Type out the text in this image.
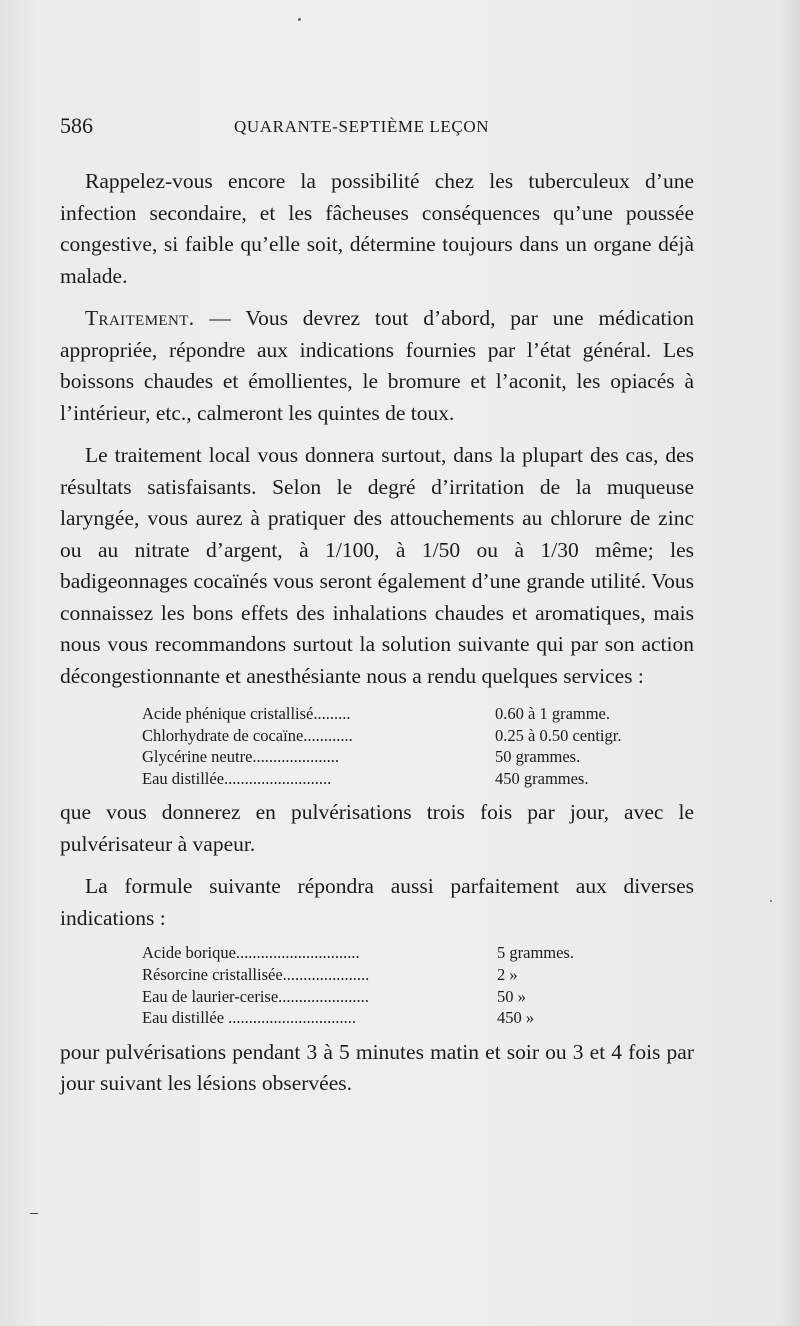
586	QUARANTE-SEPTIÈME LEÇON

Rappelez-vous encore la possibilité chez les tuberculeux d’une infection secondaire, et les fâcheuses conséquences qu’une poussée congestive, si faible qu’elle soit, détermine toujours dans un organe déjà malade.

Traitement. — Vous devrez tout d’abord, par une médication appropriée, répondre aux indications fournies par l’état général. Les boissons chaudes et émollientes, le bromure et l’aconit, les opiacés à l’intérieur, etc., calmeront les quintes de toux.

Le traitement local vous donnera surtout, dans la plupart des cas, des résultats satisfaisants. Selon le degré d’irritation de la muqueuse laryngée, vous aurez à pratiquer des attouchements au chlorure de zinc ou au nitrate d’argent, à 1/100, à 1/50 ou à 1/30 même; les badigeonnages cocaïnés vous seront également d’une grande utilité. Vous connaissez les bons effets des inhalations chaudes et aromatiques, mais nous vous recommandons surtout la solution suivante qui par son action décongestionnante et anesthésiante nous a rendu quelques services :

Acide phénique cristallisé.........	0.60 à 1 gramme.
Chlorhydrate de cocaïne............	0.25 à 0.50 centigr.
Glycérine neutre.....................	50 grammes.
Eau distillée..........................	450 grammes.

que vous donnerez en pulvérisations trois fois par jour, avec le pulvérisateur à vapeur.

La formule suivante répondra aussi parfaitement aux diverses indications :

Acide borique..............................	5 grammes.
Résorcine cristallisée.....................	2 »
Eau de laurier-cerise......................	50 »
Eau distillée ...............................	450 »

pour pulvérisations pendant 3 à 5 minutes matin et soir ou 3 et 4 fois par jour suivant les lésions observées.
